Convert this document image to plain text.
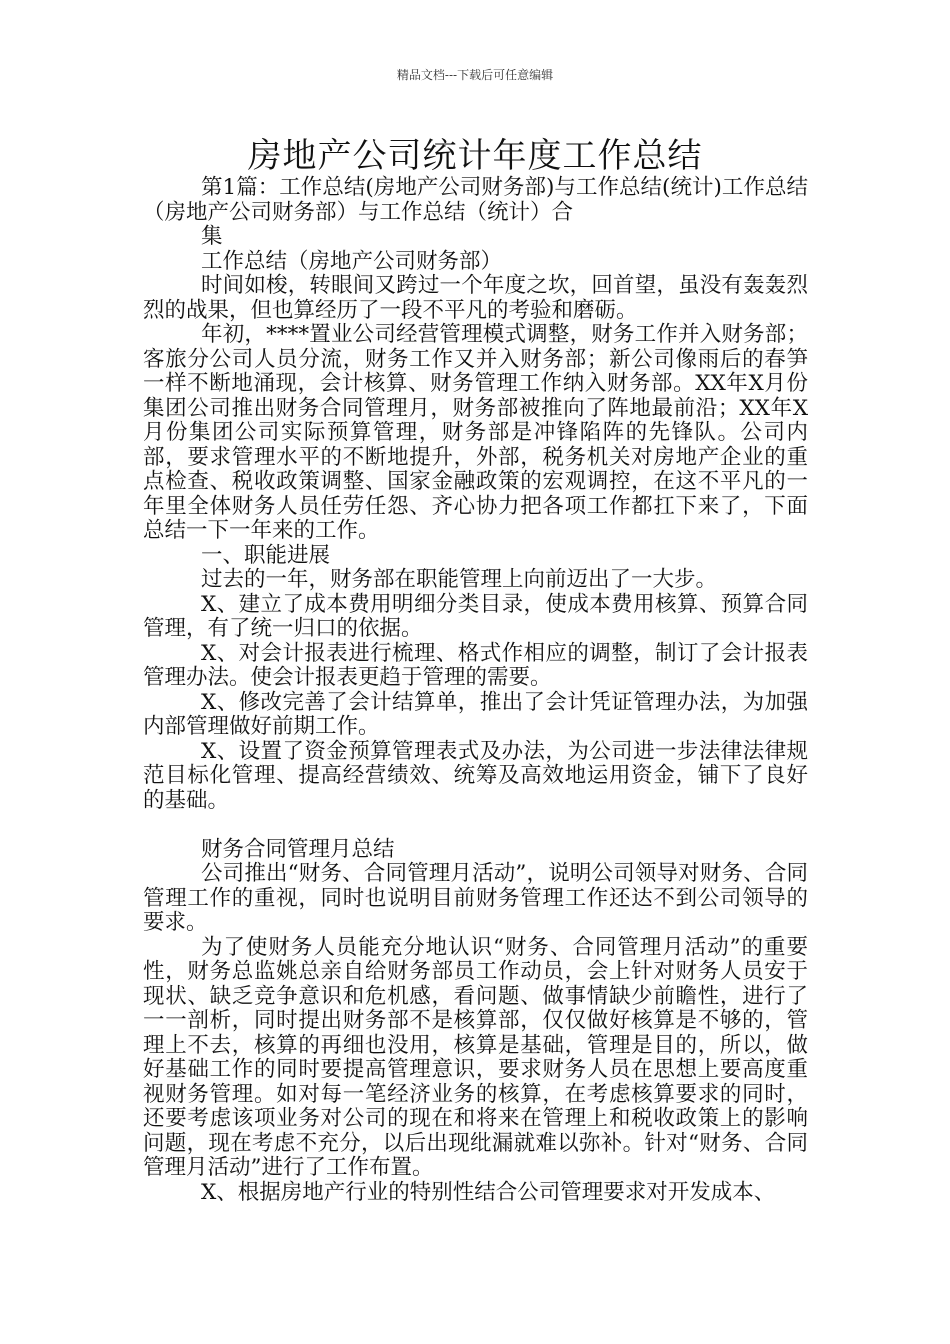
精品文档---下载后可任意编辑
房地产公司统计年度工作总结

第1篇：工作总结(房地产公司财务部)与工作总结(统计)工作总结（房地产公司财务部）与工作总结（统计）合

集

工作总结（房地产公司财务部）

时间如梭，转眼间又跨过一个年度之坎，回首望，虽没有轰轰烈烈的战果，但也算经历了一段不平凡的考验和磨砺。

年初，****置业公司经营管理模式调整，财务工作并入财务部；客旅分公司人员分流，财务工作又并入财务部；新公司像雨后的春笋一样不断地涌现，会计核算、财务管理工作纳入财务部。XX年X月份集团公司推出财务合同管理月，财务部被推向了阵地最前沿；XX年X月份集团公司实际预算管理，财务部是冲锋陷阵的先锋队。公司内部，要求管理水平的不断地提升，外部，税务机关对房地产企业的重点检查、税收政策调整、国家金融政策的宏观调控，在这不平凡的一年里全体财务人员任劳任怨、齐心协力把各项工作都扛下来了，下面总结一下一年来的工作。

一、职能进展

过去的一年，财务部在职能管理上向前迈出了一大步。

X、建立了成本费用明细分类目录，使成本费用核算、预算合同管理，有了统一归口的依据。

X、对会计报表进行梳理、格式作相应的调整，制订了会计报表管理办法。使会计报表更趋于管理的需要。

X、修改完善了会计结算单，推出了会计凭证管理办法，为加强内部管理做好前期工作。

X、设置了资金预算管理表式及办法，为公司进一步法律法律规范目标化管理、提高经营绩效、统筹及高效地运用资金，铺下了良好的基础。

财务合同管理月总结

公司推出“财务、合同管理月活动”，说明公司领导对财务、合同管理工作的重视，同时也说明目前财务管理工作还达不到公司领导的要求。

为了使财务人员能充分地认识“财务、合同管理月活动”的重要性，财务总监姚总亲自给财务部员工作动员，会上针对财务人员安于现状、缺乏竞争意识和危机感，看问题、做事情缺少前瞻性，进行了一一剖析，同时提出财务部不是核算部，仅仅做好核算是不够的，管理上不去，核算的再细也没用，核算是基础，管理是目的，所以，做好基础工作的同时要提高管理意识，要求财务人员在思想上要高度重视财务管理。如对每一笔经济业务的核算，在考虑核算要求的同时，还要考虑该项业务对公司的现在和将来在管理上和税收政策上的影响问题，现在考虑不充分，以后出现纰漏就难以弥补。针对“财务、合同管理月活动”进行了工作布置。

X、根据房地产行业的特别性结合公司管理要求对开发成本、
